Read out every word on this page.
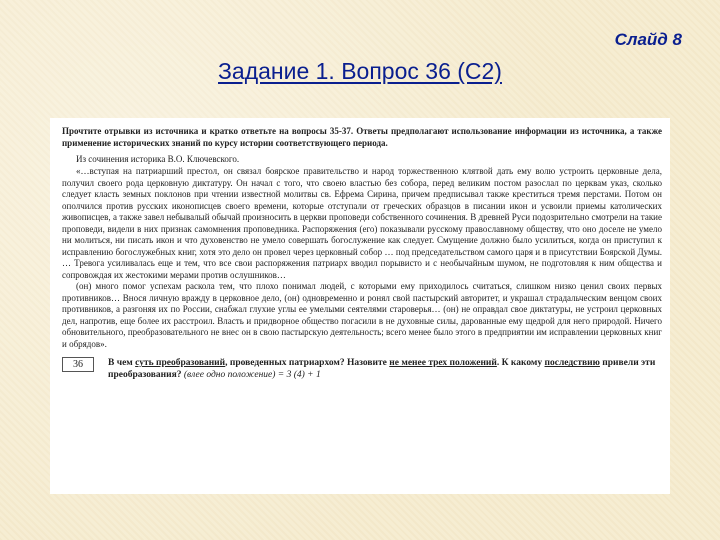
Слайд 8
Задание 1. Вопрос 36 (С2)

Прочтите отрывки из источника и кратко ответьте на вопросы 35-37. Ответы предполагают использование информации из источника, а также применение исторических знаний по курсу истории соответствующего периода.

Из сочинения историка В.О. Ключевского.

«…вступая на патриарший престол, он связал боярское правительство и народ торжественною клятвой дать ему волю устроить церковные дела, получил своего рода церковную диктатуру. Он начал с того, что своею властью без собора, перед великим постом разослал по церквам указ, сколько следует класть земных поклонов при чтении известной молитвы св. Ефрема Сирина, причем предписывал также креститься тремя перстами. Потом он ополчился против русских иконописцев своего времени, которые отступали от греческих образцов в писании икон и усвоили приемы католических живописцев, а также завел небывалый обычай произносить в церкви проповеди собственного сочинения. В древней Руси подозрительно смотрели на такие проповеди, видели в них признак самомнения проповедника. Распоряжения (его) показывали русскому православному обществу, что оно доселе не умело ни молиться, ни писать икон и что духовенство не умело совершать богослужение как следует. Смущение должно было усилиться, когда он приступил к исправлению богослужебных книг, хотя это дело он провел через церковный собор … под председательством самого царя и в присутствии Боярской Думы. … Тревога усиливалась еще и тем, что все свои распоряжения патриарх вводил порывисто и с необычайным шумом, не подготовляя к ним общества и сопровождая их жестокими мерами против ослушников…

(он) много помог успехам раскола тем, что плохо понимал людей, с которыми ему приходилось считаться, слишком низко ценил своих первых противников… Внося личную вражду в церковное дело, (он) одновременно и ронял свой пастырский авторитет, и украшал страдальческим венцом своих противников, а разгоняя их по России, снабжал глухие углы ее умелыми сеятелями староверья… (он) не оправдал свое диктатуры, не устроил церковных дел, напротив, еще более их расстроил. Власть и придворное общество погасили в не духовные силы, дарованные ему щедрой для него природой. Ничего обновительного, преобразовательного не внес он в свою пастырскую деятельность; всего менее было этого в предприятии им исправлении церковных книг и обрядов».

36	В чем суть преобразований, проведенных патриархом? Назовите не менее трех положений. К какому последствию привели эти преобразования? (влее одно положение) = 3 (4) + 1
